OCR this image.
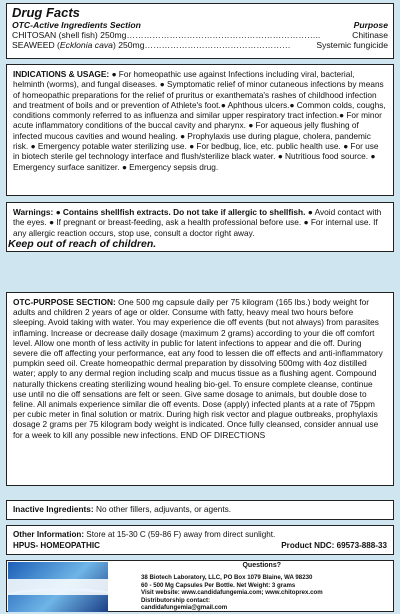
Drug Facts
OTC-Active Ingredients Section	Purpose
CHITOSAN (shell fish) 250mg…………………………………………………………..	Chitinase
SEAWEED (Ecklonia cava) 250mg……………………………………………	Systemic fungicide
INDICATIONS & USAGE: ● For homeopathic use against Infections including viral, bacterial, helminth (worms), and fungal diseases. ● Symptomatic relief of minor cutaneous infections by means of homeopathic preparations for the relief of pruritus or exanthemata's rashes of childhood infection and treatment of boils and or prevention of Athlete's foot.● Aphthous ulcers.● Common colds, coughs, conditions commonly referred to as influenza and similar upper respiratory tract infection.● For minor acute inflammatory conditions of the buccal cavity and pharynx. ● For aqueous jelly flushing of infected mucous cavities and wound healing. ● Prophylaxis use during plague, cholera, pandemic risk. ● Emergency potable water sterilizing use. ● For bedbug, lice, etc. public health use. ● For use in biotech sterile gel technology interface and flush/sterilize black water. ● Nutritious food source. ● Emergency surface sanitizer. ● Emergency sepsis drug.
Warnings: ● Contains shellfish extracts. Do not take if allergic to shellfish. ● Avoid contact with the eyes. ● If pregnant or breast-feeding, ask a health professional before use. ● For internal use. If any allergic reaction occurs, stop use, consult a doctor right away.
Keep out of reach of children.
OTC-PURPOSE SECTION: One 500 mg capsule daily per 75 kilogram (165 lbs.) body weight for adults and children 2 years of age or older. Consume with fatty, heavy meal two hours before sleeping. Avoid taking with water. You may experience die off events (but not always) from parasites inflaming. Increase or decrease daily dosage (maximum 2 grams) according to your die off comfort level. Allow one month of less activity in public for latent infections to appear and die off. During severe die off affecting your performance, eat any food to lessen die off effects and anti-inflammatory pumpkin seed oil. Create homeopathic dermal preparation by dissolving 500mg with 4oz distilled water; apply to any dermal region including scalp and mucus tissue as a flushing agent. Compound naturally thickens creating sterilizing wound healing bio-gel. To ensure complete cleanse, continue use until no die off sensations are felt or seen. Give same dosage to animals, but double dose to feline. All animals experience similar die off events. Dose (apply) infected plants at a rate of 75ppm per cubic meter in final solution or matrix. During high risk vector and plague outbreaks, prophylaxis dosage 2 grams per 75 kilogram body weight is indicated. Once fully cleansed, consider annual use for a week to kill any possible new infections. END OF DIRECTIONS
Inactive Ingredients: No other fillers, adjuvants, or agents.
Other Information: Store at 15-30 C (59-86 F) away from direct sunlight.
HPUS- HOMEOPATHIC	Product NDC: 69573-888-33
Questions?
38 Biotech Laboratory, LLC, PO Box 1079 Blaine, WA 98230
60 - 500 Mg Capsules Per Bottle. Net Weight: 3 grams
Visit website: www.candidafungemia.com; www.chitoprex.com
Distributorship contact:
candidafungemia@gmail.com
